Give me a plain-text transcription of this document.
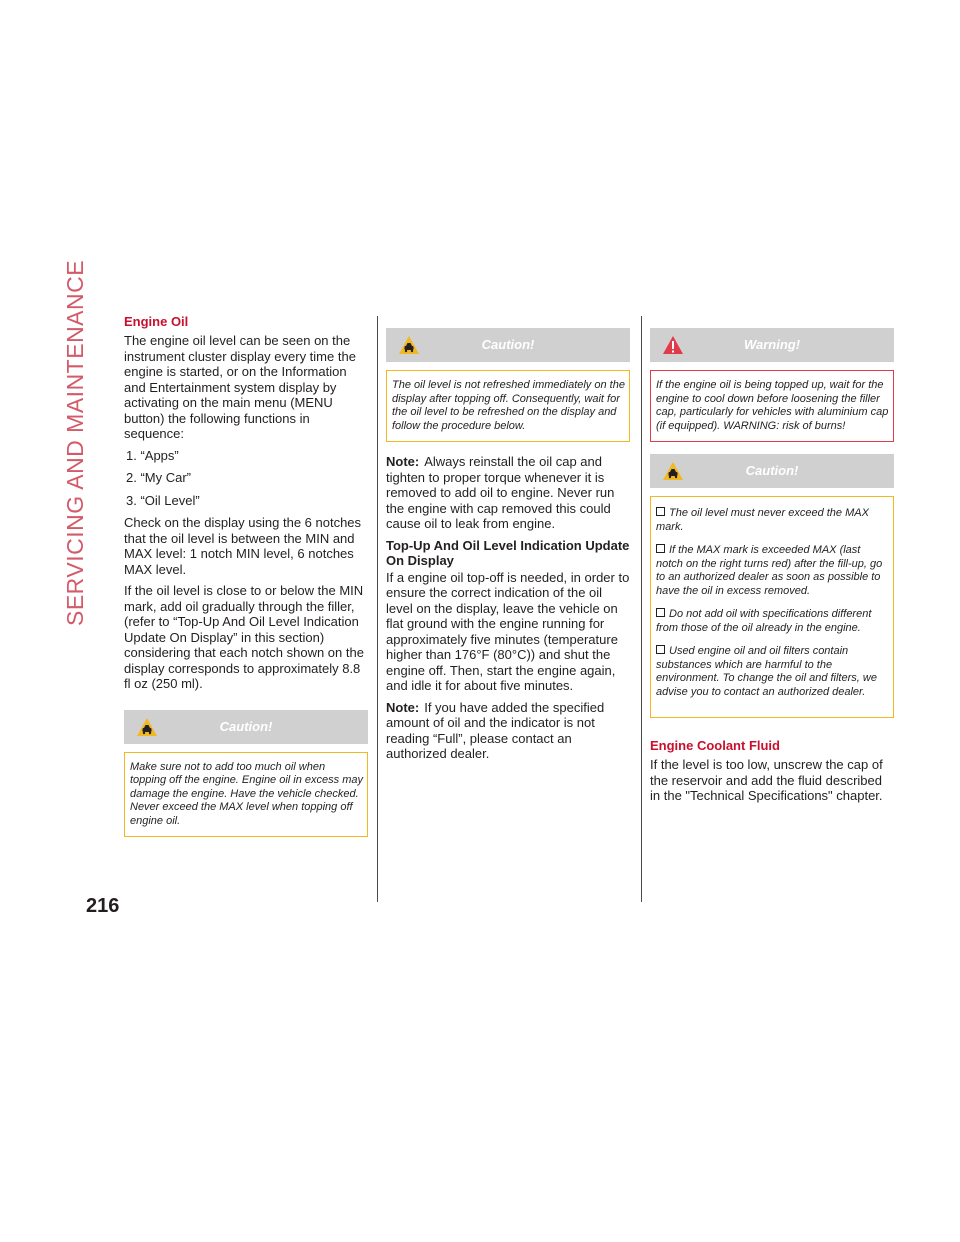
SERVICING AND MAINTENANCE
216
Engine Oil

The engine oil level can be seen on the instrument cluster display every time the engine is started, or on the Information and Entertainment system display by activating on the main menu (MENU button) the following functions in sequence:

1. “Apps”

2. “My Car”

3. “Oil Level”

Check on the display using the 6 notches that the oil level is between the MIN and MAX level: 1 notch MIN level, 6 notches MAX level.

If the oil level is close to or below the MIN mark, add oil gradually through the filler, (refer to “Top-Up And Oil Level Indication Update On Display” in this section) considering that each notch shown on the display corresponds to approximately 8.8 fl oz (250 ml).

Caution!
Make sure not to add too much oil when topping off the engine. Engine oil in excess may damage the engine. Have the vehicle checked. Never exceed the MAX level when topping off engine oil.
Caution!
The oil level is not refreshed immediately on the display after topping off. Consequently, wait for the oil level to be refreshed on the display and follow the procedure below.

Note: Always reinstall the oil cap and tighten to proper torque whenever it is removed to add oil to engine. Never run the engine with cap removed this could cause oil to leak from engine.

Top-Up And Oil Level Indication Update On Display

If a engine oil top-off is needed, in order to ensure the correct indication of the oil level on the display, leave the vehicle on flat ground with the engine running for approximately five minutes (temperature higher than 176°F (80°C)) and shut the engine off. Then, start the engine again, and idle it for about five minutes.

Note: If you have added the specified amount of oil and the indicator is not reading “Full”, please contact an authorized dealer.

Warning!
If the engine oil is being topped up, wait for the engine to cool down before loosening the filler cap, particularly for vehicles with aluminium cap (if equipped). WARNING: risk of burns!
Caution!
The oil level must never exceed the MAX mark.
If the MAX mark is exceeded MAX (last notch on the right turns red) after the fill-up, go to an authorized dealer as soon as possible to have the oil in excess removed.
Do not add oil with specifications different from those of the oil already in the engine.
Used engine oil and oil filters contain substances which are harmful to the environment. To change the oil and filters, we advise you to contact an authorized dealer.
Engine Coolant Fluid

If the level is too low, unscrew the cap of the reservoir and add the fluid described in the "Technical Specifications" chapter.
